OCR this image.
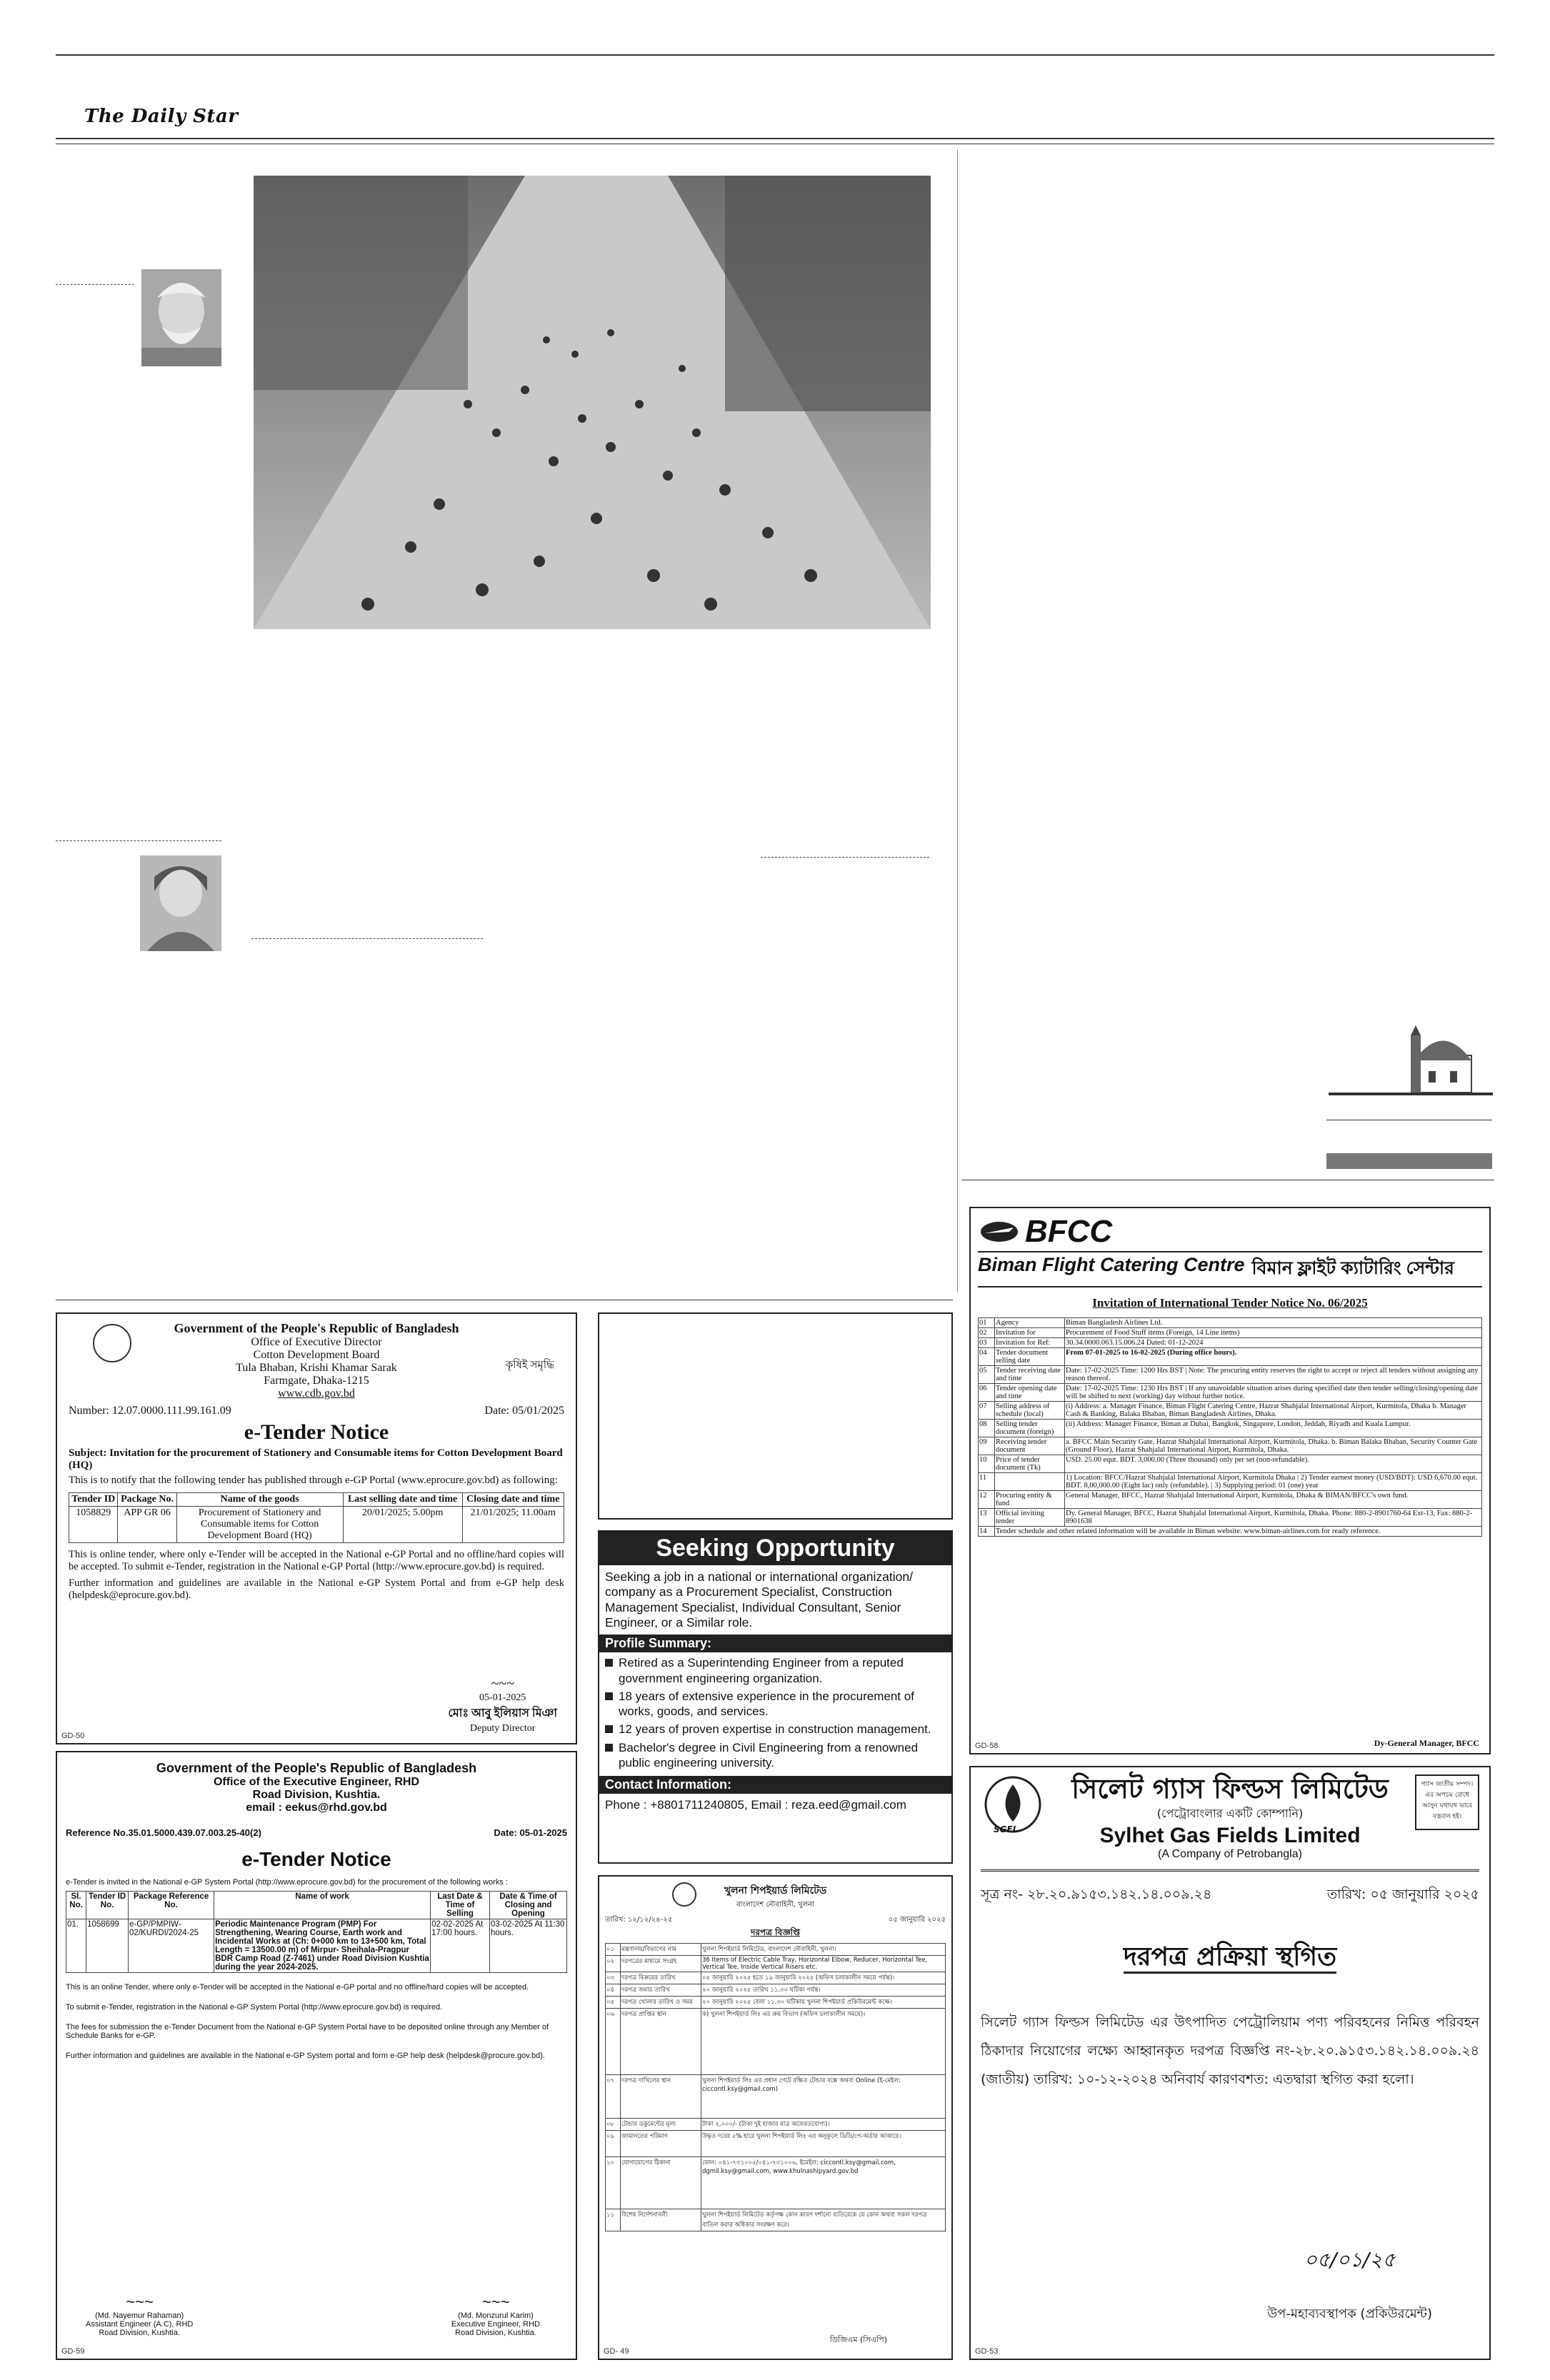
The Daily Star
Government of the People's Republic of Bangladesh
Office of Executive Director
Cotton Development Board
Tula Bhaban, Krishi Khamar Sarak
Farmgate, Dhaka-1215
www.cdb.gov.bd
কৃষিই সমৃদ্ধি
Number: 12.07.0000.111.99.161.09	Date: 05/01/2025
e-Tender Notice
Subject: Invitation for the procurement of Stationery and Consumable items for Cotton Development Board (HQ)
This is to notify that the following tender has published through e-GP Portal (www.eprocure.gov.bd) as following:
Tender ID	Package No.	Name of the goods	Last selling date and time	Closing date and time
1058829	APP GR 06	Procurement of Stationery and Consumable items for Cotton Development Board (HQ)	20/01/2025; 5.00pm	21/01/2025; 11.00am
This is online tender, where only e-Tender will be accepted in the National e-GP Portal and no offline/hard copies will be accepted. To submit e-Tender, registration in the National e-GP Portal (http://www.eprocure.gov.bd) is required.
Further information and guidelines are available in the National e-GP System Portal and from e-GP help desk (helpdesk@eprocure.gov.bd).
~~~
05-01-2025
মোঃ আবু ইলিয়াস মিঞা
Deputy Director
GD-50
Government of the People's Republic of Bangladesh
Office of the Executive Engineer, RHD
Road Division, Kushtia.
email : eekus@rhd.gov.bd
Reference No.35.01.5000.439.07.003.25-40(2)	Date: 05-01-2025
e-Tender Notice
e-Tender is invited in the National e-GP System Portal (http://www.eprocure.gov.bd) for the procurement of the following works :
Sl. No.	Tender ID No.	Package Reference No.	Name of work	Last Date & Time of Selling	Date & Time of Closing and Opening
01.	1058699	e-GP/PMPIW-02/KURDI/2024-25	Periodic Maintenance Program (PMP) For Strengthening, Wearing Course, Earth work and Incidental Works at (Ch: 0+000 km to 13+500 km, Total Length = 13500.00 m) of Mirpur- Sheihala-Pragpur BDR Camp Road (Z-7461) under Road Division Kushtia during the year 2024-2025.	02-02-2025 At 17:00 hours.	03-02-2025 At 11:30 hours.
This is an online Tender, where only e-Tender will be accepted in the National e-GP portal and no offline/hard copies will be accepted.
To submit e-Tender, registration in the National e-GP System Portal (http://www.eprocure.gov.bd) is required.
The fees for submission the e-Tender Document from the National e-GP System Portal have to be deposited online through any Member of Schedule Banks for e-GP.
Further information and guidelines are available in the National e-GP System portal and form e-GP help desk (helpdesk@procure.gov.bd).
~~~
(Md. Nayemur Rahaman)
Assistant Engineer (A.C), RHD
Road Division, Kushtia.
~~~
(Md. Monzurul Karim)
Executive Engineer, RHD
Road Division, Kushtia.
GD-59
Seeking Opportunity
Seeking a job in a national or international organization/ company as a Procurement Specialist, Construction Management Specialist, Individual Consultant, Senior Engineer, or a Similar role.
Profile Summary:
Retired as a Superintending Engineer from a reputed government engineering organization.
18 years of extensive experience in the procurement of works, goods, and services.
12 years of proven expertise in construction management.
Bachelor's degree in Civil Engineering from a renowned public engineering university.
Contact Information:
Phone : +8801711240805, Email : reza.eed@gmail.com
খুলনা শিপইয়ার্ড লিমিটেড
বাংলাদেশ নৌবাহিনী, খুলনা
তারিখ: ১২/১২/২৪-২৫	০৫ জানুয়ারি ২০২৫
দরপত্র বিজ্ঞপ্তি
০১	মন্ত্রণালয়/বিভাগের নাম	খুলনা শিপইয়ার্ড লিমিটেড, বাংলাদেশ নৌবাহিনী, খুলনা।
০২	দরপত্রের মাধ্যমে সংগ্রহ	36 Items of Electric Cable Tray, Horizontal Elbow, Reducer, Horizontal Tee, Vertical Tee, Inside Vertical Risers etc.
০৩	দরপত্র বিক্রয়ের তারিখ	০৫ জানুয়ারি ২০২৫ হতে ১৯ জানুয়ারি ২০২৫ (অফিস চলাকালীন সময়ে পর্যন্ত)।
০৪	দরপত্র জমার তারিখ	২০ জানুয়ারি ২০২৫ তারিখ ১১.৩০ ঘটিকা পর্যন্ত।
০৫	দরপত্র খোলার তারিখ ও সময়	২০ জানুয়ারি ২০২৫ বেলা ১১.৩০ ঘটিকায় খুলনা শিপইয়ার্ড প্রকিউরমেন্ট কক্ষে।
০৬	দরপত্র প্রাপ্তির স্থান	ক) খুলনা শিপইয়ার্ড লিঃ এর ক্রয় বিভাগ (অফিস চলাকালীন সময়ে)।
০৭	দরপত্র দাখিলের স্থান	খুলনা শিপইয়ার্ড লিঃ এর প্রধান গেটে রক্ষিত টেন্ডার বক্সে অথবা Online (ই-মেইল: ciccontl.ksy@gmail.com)
০৮	টেন্ডার ডকুমেন্টের মূল্য	টাকা ২,০০০/- (টাকা দুই হাজার মাত্র অফেরতযোগ্য)।
০৯	জামানতের পরিমাণ	উদ্ধৃত দরের ৫% হারে খুলনা শিপইয়ার্ড লিঃ এর অনুকূলে ডিডি/পে-অর্ডার আকারে।
১০	যোগাযোগের ঠিকানা	ফোন: ০৪১-৭৩১০০৫/০৪১-৭৩১০০৬, ইমেইল: ciccontl.ksy@gmail.com, dgmil.ksy@gmail.com, www.khulnashipyard.gov.bd
১১	বিশেষ নির্দেশনাবলী	খুলনা শিপইয়ার্ড লিমিটেড কর্তৃপক্ষ কোন কারণ দর্শানো ব্যতিরেকে যে কোন অথবা সকল দরপত্র বাতিল করার অধিকার সংরক্ষণ করে।
ডিজিএম (সিএপি)
GD- 49
BFCC
Biman Flight Catering Centre বিমান ফ্লাইট ক্যাটারিং সেন্টার
Invitation of International Tender Notice No. 06/2025
01	Agency	Biman Bangladesh Airlines Ltd.
02	Invitation for	Procurement of Food Stuff items (Foreign, 14 Line items)
03	Invitation for Ref:	30.34.0000.063.15.006.24 Dated: 01-12-2024
04	Tender document selling date	From 07-01-2025 to 16-02-2025 (During office hours).
05	Tender receiving date and time	Date: 17-02-2025 Time: 1200 Hrs BST | Note: The procuring entity reserves the right to accept or reject all tenders without assigning any reason thereof.
06	Tender opening date and time	Date: 17-02-2025 Time: 1230 Hrs BST | If any unavoidable situation arises during specified date then tender selling/closing/opening date will be shifted to next (working) day without further notice.
07	Selling address of schedule (local)	(i) Address: a. Manager Finance, Biman Flight Catering Centre, Hazrat Shahjalal International Airport, Kurmitola, Dhaka b. Manager Cash & Banking, Balaka Bhaban, Biman Bangladesh Airlines, Dhaka.
08	Selling tender document (foreign)	(ii) Address: Manager Finance, Biman at Dubai, Bangkok, Singapore, London, Jeddah, Riyadh and Kuala Lumpur.
09	Receiving tender document	a. BFCC Main Security Gate, Hazrat Shahjalal International Airport, Kurmitola, Dhaka. b. Biman Balaka Bhaban, Security Counter Gate (Ground Floor), Hazrat Shahjalal International Airport, Kurmitola, Dhaka.
10	Price of tender document (Tk)	USD. 25.00 equt. BDT. 3,000.00 (Three thousand) only per set (non-refundable).
11		1) Location: BFCC/Hazrat Shahjalal International Airport, Kurmitola Dhaka | 2) Tender earnest money (USD/BDT): USD 6,670.00 equt. BDT. 8,00,000.00 (Eight lac) only (refundable). | 3) Supplying period: 01 (one) year
12	Procuring entity & fund	General Manager, BFCC, Hazrat Shahjalal International Airport, Kurmitola, Dhaka & BIMAN/BFCC's own fund.
13	Official inviting tender	Dy. General Manager, BFCC, Hazrat Shahjalal International Airport, Kurmitola, Dhaka. Phone: 880-2-8901760-64 Ext-13, Fax: 880-2-8901638
14	Tender schedule and other related information will be available in Biman website: www.biman-airlines.com for ready reference.	
Dy-General Manager, BFCC
GD-58
SGFL
সিলেট গ্যাস ফিল্ডস লিমিটেড
(পেট্রোবাংলার একটি কোম্পানি)
Sylhet Gas Fields Limited
(A Company of Petrobangla)
গ্যাস জাতীয় সম্পদ। এর অপচয় রোধে আসুন যথাযথ ভাবে যত্নবান হই।
সূত্র নং- ২৮.২০.৯১৫৩.১৪২.১৪.০০৯.২৪	তারিখ: ০৫ জানুয়ারি ২০২৫
দরপত্র প্রক্রিয়া স্থগিত
সিলেট গ্যাস ফিল্ডস লিমিটেড এর উৎপাদিত পেট্রোলিয়াম পণ্য পরিবহনের নিমিত্ত পরিবহন ঠিকাদার নিয়োগের লক্ষ্যে আহ্বানকৃত দরপত্র বিজ্ঞপ্তি নং-২৮.২০.৯১৫৩.১৪২.১৪.০০৯.২৪ (জাতীয়) তারিখ: ১০-১২-২০২৪ অনিবার্য কারণবশত: এতদ্বারা স্থগিত করা হলো।
০৫/০১/২৫
উপ-মহাব্যবস্থাপক (প্রকিউরমেন্ট)
GD-53
